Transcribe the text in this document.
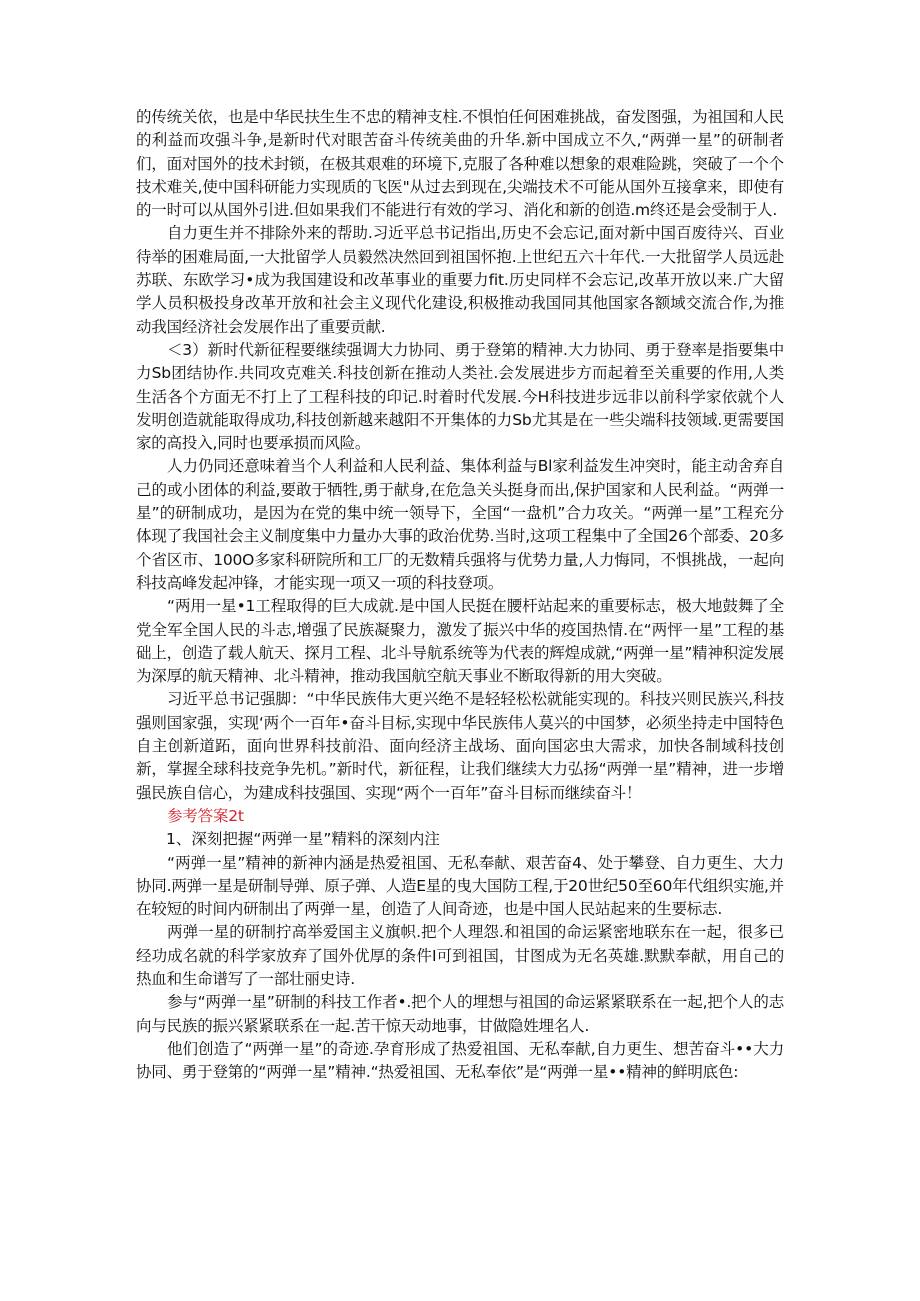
的传统关依，也是中华民扶生生不忠的精神支柱.不惧怕任何困难挑战，奋发图强，为祖国和人民的利益而攻强斗争,是新时代对眼苦奋斗传统美曲的升华.新中国成立不久,“两弹一星”的研制者们，面对国外的技术封锁，在极其艰难的环境下,克服了各种难以想象的艰难险跳，突破了一个个技术难关,使中国科研能力实现质的飞医"从过去到现在,尖端技术不可能从国外互接拿来，即使有的一时可以从国外引进.但如果我们不能进行有效的学习、消化和新的创造.m终还是会受制于人.

自力更生并不排除外来的帮助.习近平总书记指出,历史不会忘记,面对新中国百废待兴、百业待举的困难局面,一大批留学人员毅然决然回到祖国怀抱.上世纪五六十年代.一大批留学人员远赴苏联、东欧学习•成为我国建设和改革事业的重要力fit.历史同样不会忘记,改革开放以来.广大留学人员积极投身改革开放和社会主义现代化建设,积极推动我国同其他国家各额域交流合作,为推动我国经济社会发展作出了重要贡献.

＜3）新时代新征程要继续强调大力协同、勇于登第的精神.大力协同、勇于登率是指要集中力Sb团结协作.共同攻克难关.科技创新在推动人类社.会发展进步方而起着至关重要的作用,人类生活各个方面无不打上了工程科技的印记.时着时代发展.今H科技进步远非以前科学家依就个人发明创造就能取得成功,科技创新越来越阳不开集体的力Sb尤其是在一些尖端科技领域.更需要国家的高投入,同时也要承损而风险。

人力仍同还意味着当个人利益和人民利益、集体利益与Bl家利益发生冲突时，能主动舍弃自己的或小团体的利益,要敢于牺牲,勇于献身,在危急关头挺身而出,保护国家和人民利益。“两弹一星”的研制成功，是因为在党的集中统一领导下，全国“一盘机”合力攻关。“两弹一星”工程充分体现了我国社会主义制度集中力量办大事的政治优势.当时,这项工程集中了全国26个部委、20多个省区市、100O多家科研院所和工厂的无数精兵强将与优势力量,人力悔同，不惧挑战，一起向科技高峰发起冲锋，才能实现一项又一项的科技登项。

“两用一星•1工程取得的巨大成就.是中国人民挺在腰杆站起来的重要标志，极大地鼓舞了全党全军全国人民的斗志,增强了民族凝聚力，激发了振兴中华的疫国热情.在“两怦一星”工程的基础上，创造了载人航天、探月工程、北斗导航系统等为代表的辉煌成就,“两弹一星”精神积淀发展为深厚的航天精神、北斗精神，推动我国航空航天事业不断取得新的用大突破。

习近平总书记强脚：“中华民族伟大更兴绝不是轻轻松松就能实现的。科技兴则民族兴,科技强则国家强，实现‘两个一百年•奋斗目标,实现中华民族伟人莫兴的中国梦，必须坐持走中国特色自主创新道跖，面向世界科技前沿、面向经济主战场、面向国宓虫大需求，加快各制域科技创新，掌握全球科技竞争先机。”新时代，新征程，让我们继续大力弘扬“两弹一星”精神，进一步增强民族自信心，为建成科技强国、实现“两个一百年”奋斗目标而继续奋斗！

参考答案2t

1、深刻把握“两弹一星”精料的深刻内注

“两弹一星”精神的新神内涵是热爱祖国、无私奉献、艰苦奋4、处于攀登、自力更生、大力协同.两弹一星是研制导弹、原子弹、人造E星的曳大国防工程,于20世纪50至60年代组织实施,并在较短的时间内研制出了两弹一星，创造了人间奇迹，也是中国人民站起来的生要标志.

两弹一星的研制拧高举爱国主义旗帜.把个人理怨.和祖国的命运紧密地联东在一起，很多已经功成名就的科学家放弃了国外优厚的条件I可到祖国，甘图成为无名英雄.默默奉献，用自己的热血和生命谱写了一部壮丽史诗.

参与“两弹一星”研制的科技工作者•.把个人的埋想与祖国的命运紧紧联系在一起,把个人的志向与民族的振兴紧紧联系在一起.苦干惊天动地事，甘做隐姓埋名人.

他们创造了“两弹一星”的奇迹.孕育形成了热爱祖国、无私奉献,自力更生、想苦奋斗••大力协同、勇于登第的“两弹一星”精神.“热爱祖国、无私奉依”是“两弹一星••精神的鲜明底色:
